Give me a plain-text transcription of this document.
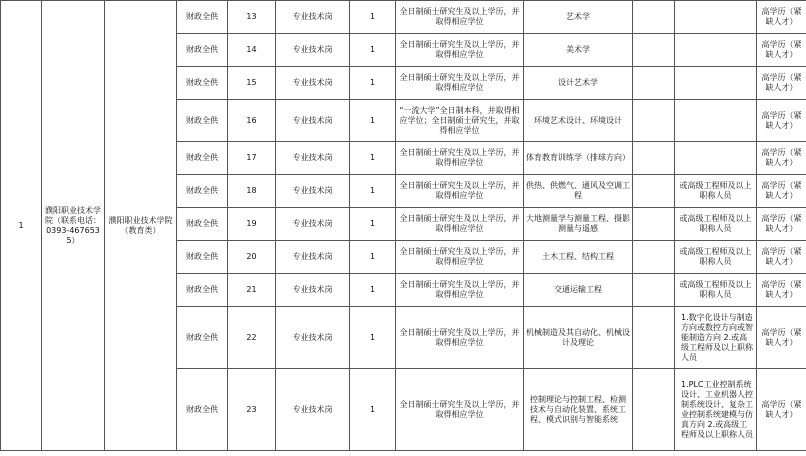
1	濮阳职业技术学院（联系电话：0393-4676535）	濮阳职业技术学院（教育类）	财政全供	13	专业技术岗	1	全日制硕士研究生及以上学历，并取得相应学位	艺术学			高学历（紧缺人才）
			财政全供	14	专业技术岗	1	全日制硕士研究生及以上学历，并取得相应学位	美术学			高学历（紧缺人才）
			财政全供	15	专业技术岗	1	全日制硕士研究生及以上学历，并取得相应学位	设计艺术学			高学历（紧缺人才）
			财政全供	16	专业技术岗	1	“一流大学”全日制本科，并取得相应学位；全日制硕士研究生，并取得相应学位	环境艺术设计、环境设计			高学历（紧缺人才）
			财政全供	17	专业技术岗	1	全日制硕士研究生及以上学历，并取得相应学位	体育教育训练学（排球方向）			高学历（紧缺人才）
			财政全供	18	专业技术岗	1	全日制硕士研究生及以上学历，并取得相应学位	供热、供燃气、通风及空调工程		或高级工程师及以上职称人员	高学历（紧缺人才）
			财政全供	19	专业技术岗	1	全日制硕士研究生及以上学历，并取得相应学位	大地测量学与测量工程、摄影测量与遥感		或高级工程师及以上职称人员	高学历（紧缺人才）
			财政全供	20	专业技术岗	1	全日制硕士研究生及以上学历，并取得相应学位	土木工程、结构工程		或高级工程师及以上职称人员	高学历（紧缺人才）
			财政全供	21	专业技术岗	1	全日制硕士研究生及以上学历，并取得相应学位	交通运输工程		或高级工程师及以上职称人员	高学历（紧缺人才）
			财政全供	22	专业技术岗	1	全日制硕士研究生及以上学历，并取得相应学位	机械制造及其自动化、机械设计及理论		1.数字化设计与制造方向或数控方向或智能制造方向 2.或高级工程师及以上职称人员	高学历（紧缺人才）
			财政全供	23	专业技术岗	1	全日制硕士研究生及以上学历，并取得相应学位	控制理论与控制工程、检测技术与自动化装置、系统工程、模式识别与智能系统		1.PLC工业控制系统设计、工业机器人控制系统设计、复杂工业控制系统建模与仿真方向 2.或高级工程师及以上职称人员	高学历（紧缺人才）
